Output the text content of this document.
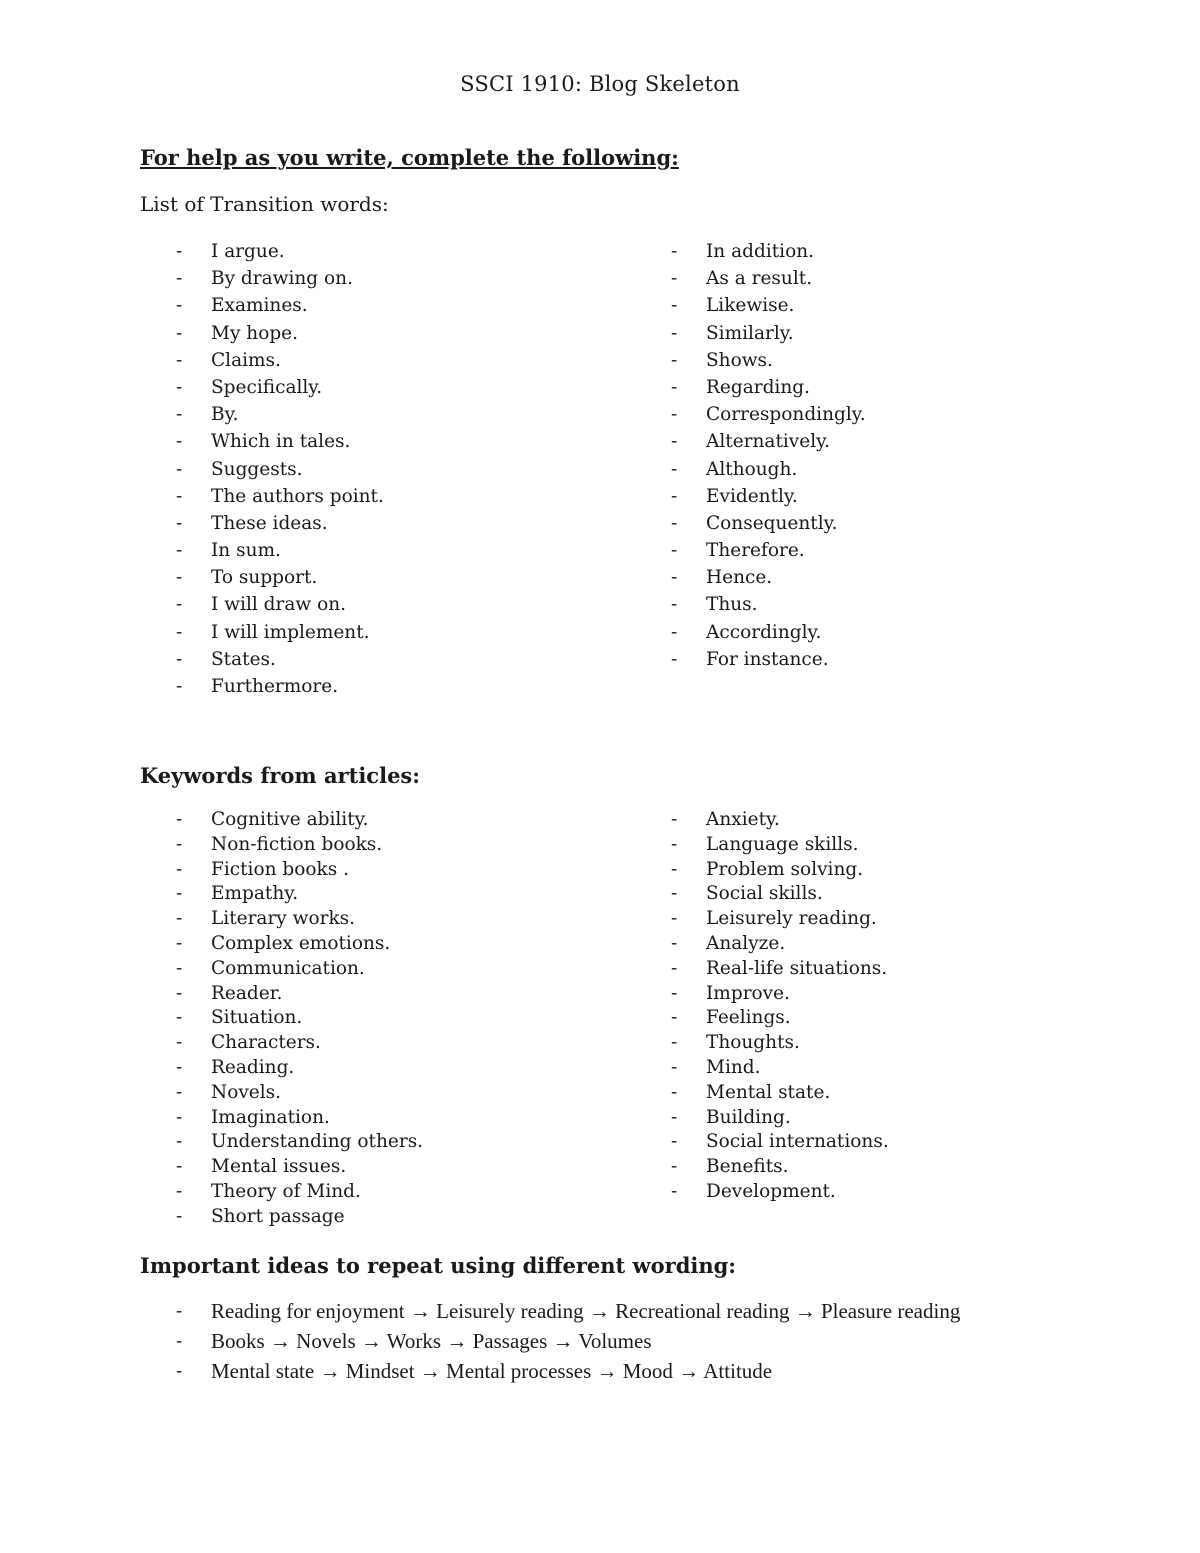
SSCI 1910: Blog Skeleton
For help as you write, complete the following:
List of Transition words:
- I argue.
- By drawing on.
- Examines.
- My hope.
- Claims.
- Specifically.
- By.
- Which in tales.
- Suggests.
- The authors point.
- These ideas.
- In sum.
- To support.
- I will draw on.
- I will implement.
- States.
- Furthermore.
- In addition.
- As a result.
- Likewise.
- Similarly.
- Shows.
- Regarding.
- Correspondingly.
- Alternatively.
- Although.
- Evidently.
- Consequently.
- Therefore.
- Hence.
- Thus.
- Accordingly.
- For instance.
Keywords from articles:
- Cognitive ability.
- Non-fiction books.
- Fiction books .
- Empathy.
- Literary works.
- Complex emotions.
- Communication.
- Reader.
- Situation.
- Characters.
- Reading.
- Novels.
- Imagination.
- Understanding others.
- Mental issues.
- Theory of Mind.
- Short passage
- Anxiety.
- Language skills.
- Problem solving.
- Social skills.
- Leisurely reading.
- Analyze.
- Real-life situations.
- Improve.
- Feelings.
- Thoughts.
- Mind.
- Mental state.
- Building.
- Social internations.
- Benefits.
- Development.
Important ideas to repeat using different wording:
- Reading for enjoyment → Leisurely reading → Recreational reading → Pleasure reading
- Books → Novels → Works → Passages → Volumes
- Mental state → Mindset → Mental processes → Mood → Attitude
